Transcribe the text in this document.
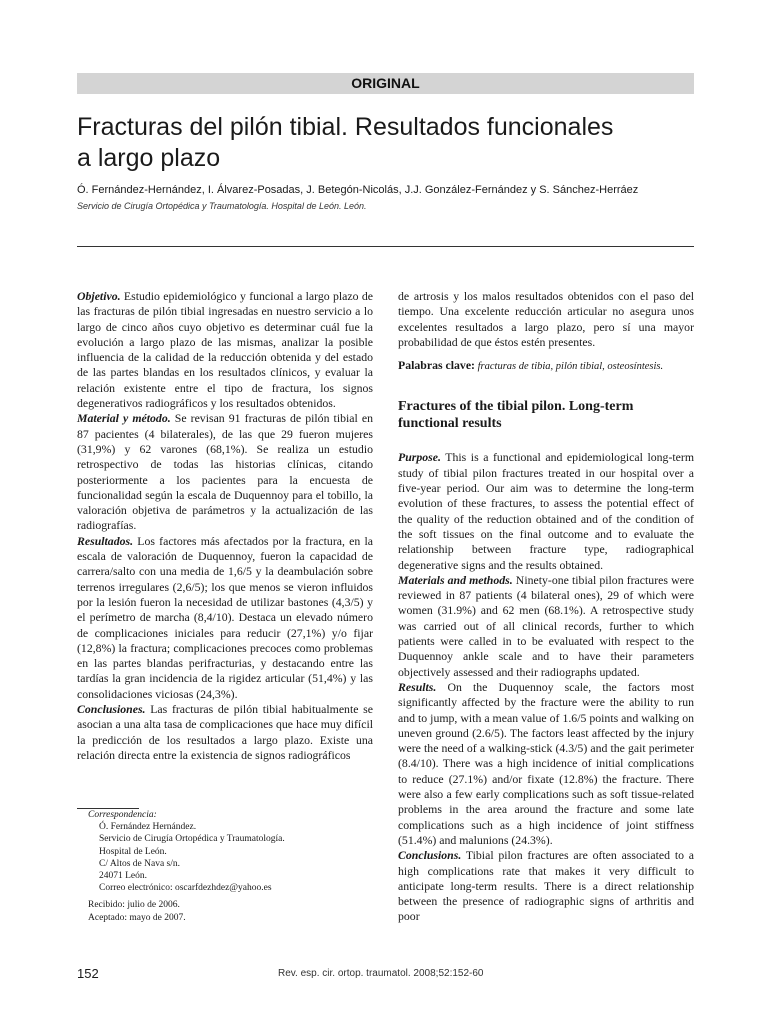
ORIGINAL
Fracturas del pilón tibial. Resultados funcionales
a largo plazo
Ó. Fernández-Hernández, I. Álvarez-Posadas, J. Betegón-Nicolás, J.J. González-Fernández y S. Sánchez-Herráez
Servicio de Cirugía Ortopédica y Traumatología. Hospital de León. León.

Objetivo. Estudio epidemiológico y funcional a largo plazo de las fracturas de pilón tibial ingresadas en nuestro servicio a lo largo de cinco años cuyo objetivo es determinar cuál fue la evolución a largo plazo de las mismas, analizar la posible influencia de la calidad de la reducción obtenida y del estado de las partes blandas en los resultados clínicos, y evaluar la relación existente entre el tipo de fractura, los signos degenerativos radiográficos y los resultados obtenidos.

Material y método. Se revisan 91 fracturas de pilón tibial en 87 pacientes (4 bilaterales), de las que 29 fueron mujeres (31,9%) y 62 varones (68,1%). Se realiza un estudio retrospectivo de todas las historias clínicas, citando posteriormente a los pacientes para la encuesta de funcionalidad según la escala de Duquennoy para el tobillo, la valoración objetiva de parámetros y la actualización de las radiografías.

Resultados. Los factores más afectados por la fractura, en la escala de valoración de Duquennoy, fueron la capacidad de carrera/salto con una media de 1,6/5 y la deambulación sobre terrenos irregulares (2,6/5); los que menos se vieron influidos por la lesión fueron la necesidad de utilizar bastones (4,3/5) y el perímetro de marcha (8,4/10). Destaca un elevado número de complicaciones iniciales para reducir (27,1%) y/o fijar (12,8%) la fractura; complicaciones precoces como problemas en las partes blandas perifracturias, y destacando entre las tardías la gran incidencia de la rigidez articular (51,4%) y las consolidaciones viciosas (24,3%).

Conclusiones. Las fracturas de pilón tibial habitualmente se asocian a una alta tasa de complicaciones que hace muy difícil la predicción de los resultados a largo plazo. Existe una relación directa entre la existencia de signos radiográficos

Correspondencia:
Ó. Fernández Hernández.
Servicio de Cirugía Ortopédica y Traumatología.
Hospital de León.
C/ Altos de Nava s/n.
24071 León.
Correo electrónico: oscarfdezhdez@yahoo.es
Recibido: julio de 2006.
Aceptado: mayo de 2007.

de artrosis y los malos resultados obtenidos con el paso del tiempo. Una excelente reducción articular no asegura unos excelentes resultados a largo plazo, pero sí una mayor probabilidad de que éstos estén presentes.

Palabras clave: fracturas de tibia, pilón tibial, osteosíntesis.

Fractures of the tibial pilon. Long-term functional results

Purpose. This is a functional and epidemiological long-term study of tibial pilon fractures treated in our hospital over a five-year period. Our aim was to determine the long-term evolution of these fractures, to assess the potential effect of the quality of the reduction obtained and of the condition of the soft tissues on the final outcome and to evaluate the relationship between fracture type, radiographical degenerative signs and the results obtained.

Materials and methods. Ninety-one tibial pilon fractures were reviewed in 87 patients (4 bilateral ones), 29 of which were women (31.9%) and 62 men (68.1%). A retrospective study was carried out of all clinical records, further to which patients were called in to be evaluated with respect to the Duquennoy ankle scale and to have their parameters objectively assessed and their radiographs updated.

Results. On the Duquennoy scale, the factors most significantly affected by the fracture were the ability to run and to jump, with a mean value of 1.6/5 points and walking on uneven ground (2.6/5). The factors least affected by the injury were the need of a walking-stick (4.3/5) and the gait perimeter (8.4/10). There was a high incidence of initial complications to reduce (27.1%) and/or fixate (12.8%) the fracture. There were also a few early complications such as soft tissue-related problems in the area around the fracture and some late complications such as a high incidence of joint stiffness (51.4%) and malunions (24.3%).

Conclusions. Tibial pilon fractures are often associated to a high complications rate that makes it very difficult to anticipate long-term results. There is a direct relationship between the presence of radiographic signs of arthritis and poor

152	Rev. esp. cir. ortop. traumatol. 2008;52:152-60
